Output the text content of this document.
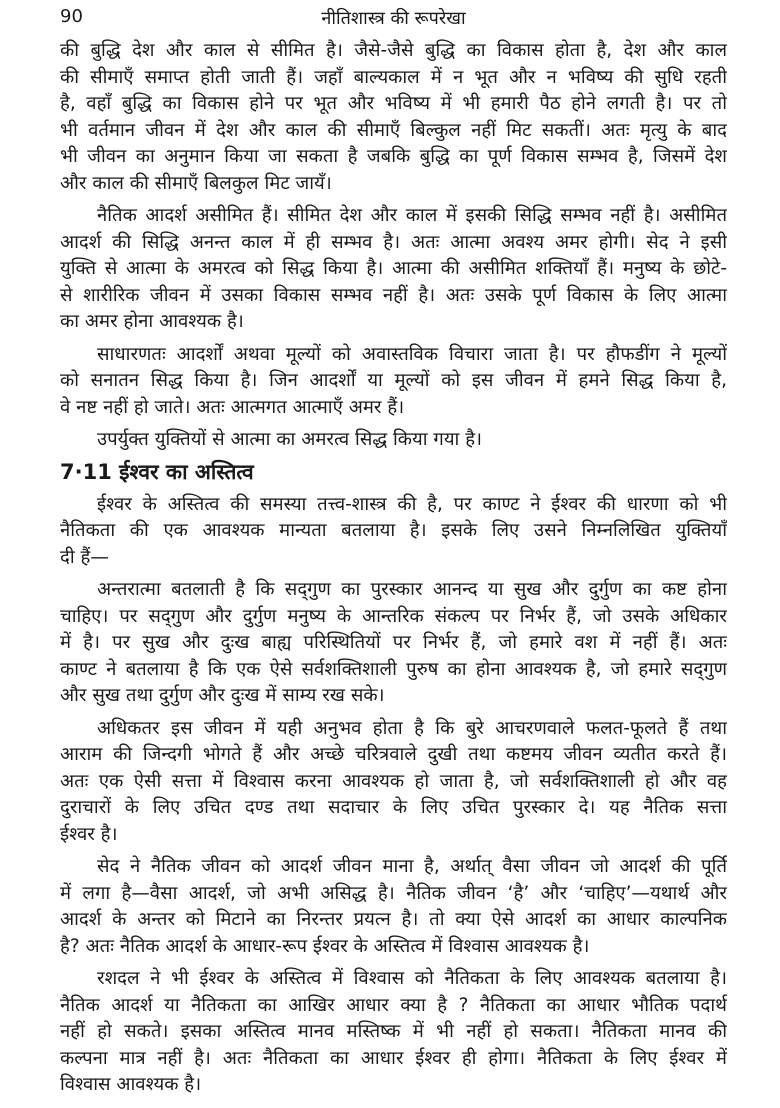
90	नीतिशास्त्र की रूपरेखा
की बुद्धि देश और काल से सीमित है। जैसे-जैसे बुद्धि का विकास होता है, देश और काल
की सीमाएँ समाप्त होती जाती हैं। जहाँ बाल्यकाल में न भूत और न भविष्य की सुधि रहती
है, वहाँ बुद्धि का विकास होने पर भूत और भविष्य में भी हमारी पैठ होने लगती है। पर तो
भी वर्तमान जीवन में देश और काल की सीमाएँ बिल्कुल नहीं मिट सकतीं। अतः मृत्यु के बाद
भी जीवन का अनुमान किया जा सकता है जबकि बुद्धि का पूर्ण विकास सम्भव है, जिसमें देश
और काल की सीमाएँ बिलकुल मिट जायँ।
नैतिक आदर्श असीमित हैं। सीमित देश और काल में इसकी सिद्धि सम्भव नहीं है। असीमित
आदर्श की सिद्धि अनन्त काल में ही सम्भव है। अतः आत्मा अवश्य अमर होगी। सेद ने इसी
युक्ति से आत्मा के अमरत्व को सिद्ध किया है। आत्मा की असीमित शक्तियाँ हैं। मनुष्य के छोटे-
से शारीरिक जीवन में उसका विकास सम्भव नहीं है। अतः उसके पूर्ण विकास के लिए आत्मा
का अमर होना आवश्यक है।
साधारणतः आदर्शों अथवा मूल्यों को अवास्तविक विचारा जाता है। पर हौफडींग ने मूल्यों
को सनातन सिद्ध किया है। जिन आदर्शों या मूल्यों को इस जीवन में हमने सिद्ध किया है,
वे नष्ट नहीं हो जाते। अतः आत्मगत आत्माएँ अमर हैं।
उपर्युक्त युक्तियों से आत्मा का अमरत्व सिद्ध किया गया है।
7·11 ईश्वर का अस्तित्व
ईश्वर के अस्तित्व की समस्या तत्त्व-शास्त्र की है, पर काण्ट ने ईश्वर की धारणा को भी
नैतिकता की एक आवश्यक मान्यता बतलाया है। इसके लिए उसने निम्नलिखित युक्तियाँ
दी हैं—
अन्तरात्मा बतलाती है कि सद्‌गुण का पुरस्कार आनन्द या सुख और दुर्गुण का कष्ट होना
चाहिए। पर सद्‌गुण और दुर्गुण मनुष्य के आन्तरिक संकल्प पर निर्भर हैं, जो उसके अधिकार
में है। पर सुख और दुःख बाह्य परिस्थितियों पर निर्भर हैं, जो हमारे वश में नहीं हैं। अतः
काण्ट ने बतलाया है कि एक ऐसे सर्वशक्तिशाली पुरुष का होना आवश्यक है, जो हमारे सद्‌गुण
और सुख तथा दुर्गुण और दुःख में साम्य रख सके।
अधिकतर इस जीवन में यही अनुभव होता है कि बुरे आचरणवाले फलत-फूलते हैं तथा
आराम की जिन्दगी भोगते हैं और अच्छे चरित्रवाले दुखी तथा कष्टमय जीवन व्यतीत करते हैं।
अतः एक ऐसी सत्ता में विश्वास करना आवश्यक हो जाता है, जो सर्वशक्तिशाली हो और वह
दुराचारों के लिए उचित दण्ड तथा सदाचार के लिए उचित पुरस्कार दे। यह नैतिक सत्ता
ईश्वर है।
सेद ने नैतिक जीवन को आदर्श जीवन माना है, अर्थात् वैसा जीवन जो आदर्श की पूर्ति
में लगा है—वैसा आदर्श, जो अभी असिद्ध है। नैतिक जीवन ‘है’ और ‘चाहिए’—यथार्थ और
आदर्श के अन्तर को मिटाने का निरन्तर प्रयत्न है। तो क्या ऐसे आदर्श का आधार काल्पनिक
है? अतः नैतिक आदर्श के आधार-रूप ईश्वर के अस्तित्व में विश्वास आवश्यक है।
रशदल ने भी ईश्वर के अस्तित्व में विश्वास को नैतिकता के लिए आवश्यक बतलाया है।
नैतिक आदर्श या नैतिकता का आखिर आधार क्या है ? नैतिकता का आधार भौतिक पदार्थ
नहीं हो सकते। इसका अस्तित्व मानव मस्तिष्क में भी नहीं हो सकता। नैतिकता मानव की
कल्पना मात्र नहीं है। अतः नैतिकता का आधार ईश्वर ही होगा। नैतिकता के लिए ईश्वर में
विश्वास आवश्यक है।
